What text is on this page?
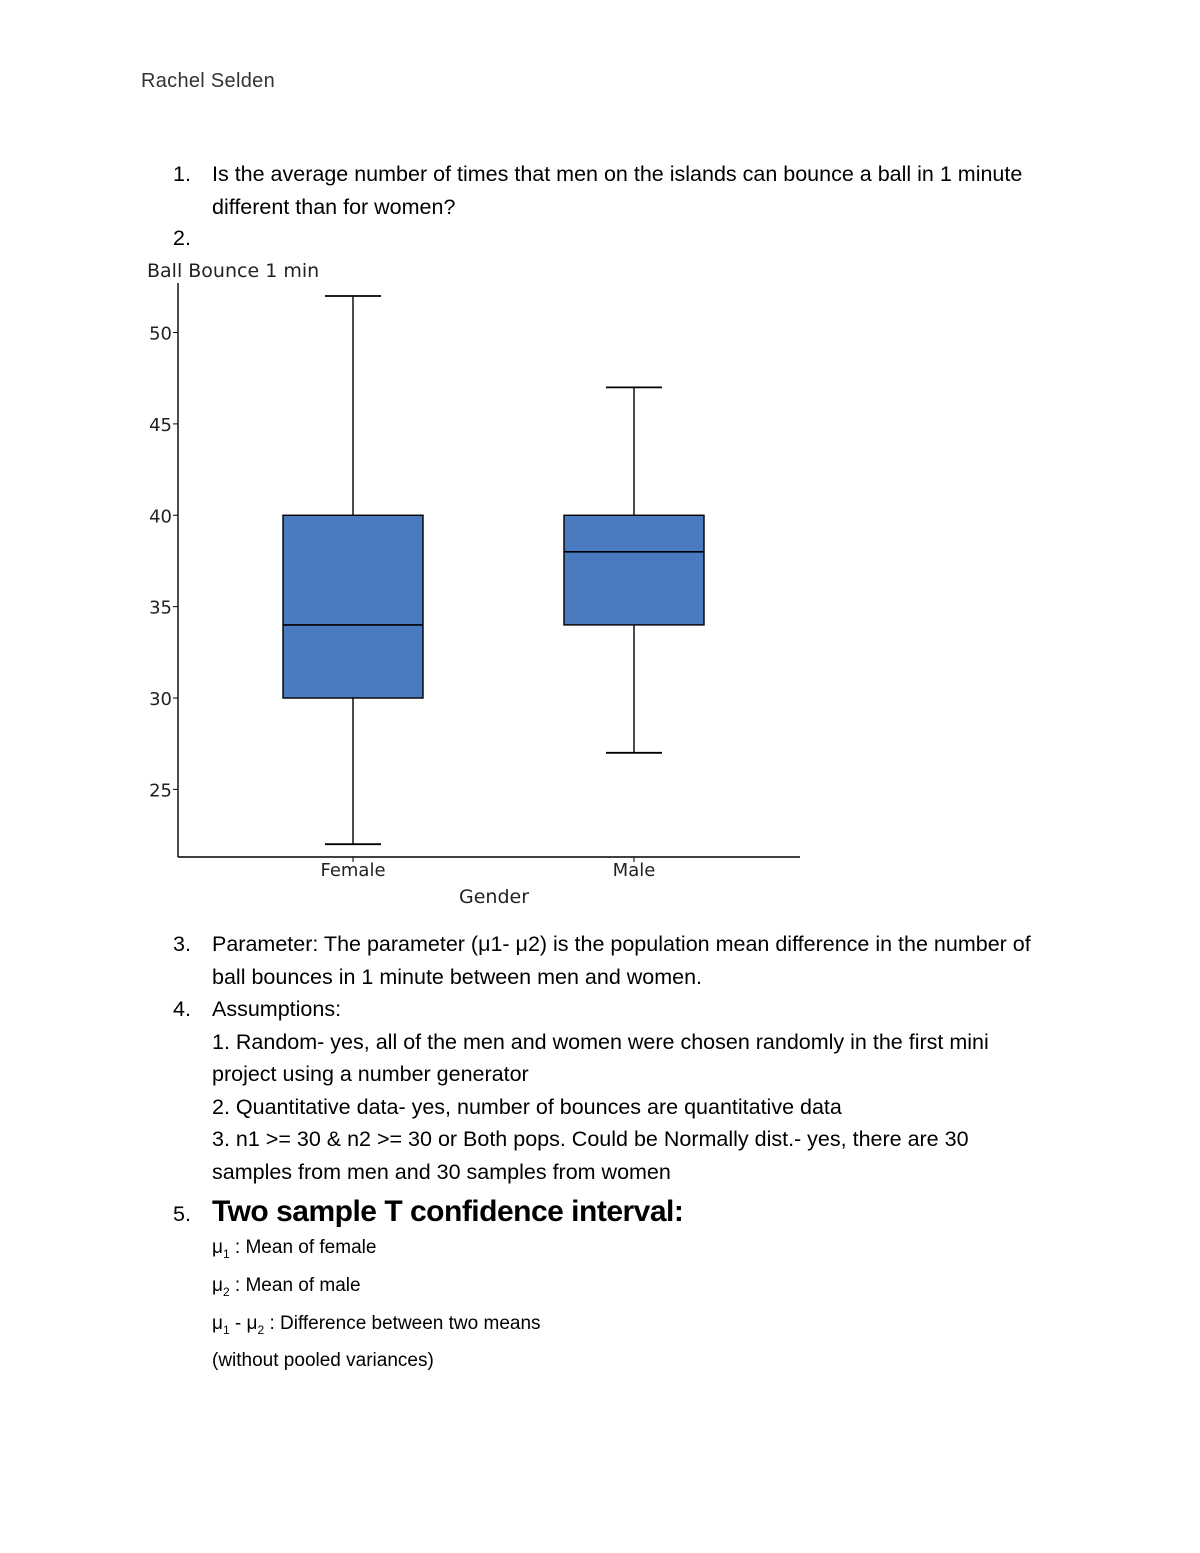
Rachel Selden
1. Is the average number of times that men on the islands can bounce a ball in 1 minute different than for women?
2.
Ball Bounce 1 min
25
30
35
40
45
50
Female	Male
Gender
3. Parameter: The parameter (μ1- μ2) is the population mean difference in the number of ball bounces in 1 minute between men and women.
4. Assumptions:
1. Random- yes, all of the men and women were chosen randomly in the first mini project using a number generator
2. Quantitative data- yes, number of bounces are quantitative data
3. n1 >= 30 & n2 >= 30 or Both pops. Could be Normally dist.- yes, there are 30 samples from men and 30 samples from women
5. Two sample T confidence interval:
$\mu_1$ : Mean of female
$\mu_2$ : Mean of male
$\mu_1 - \mu_2$ : Difference between two means
(without pooled variances)
